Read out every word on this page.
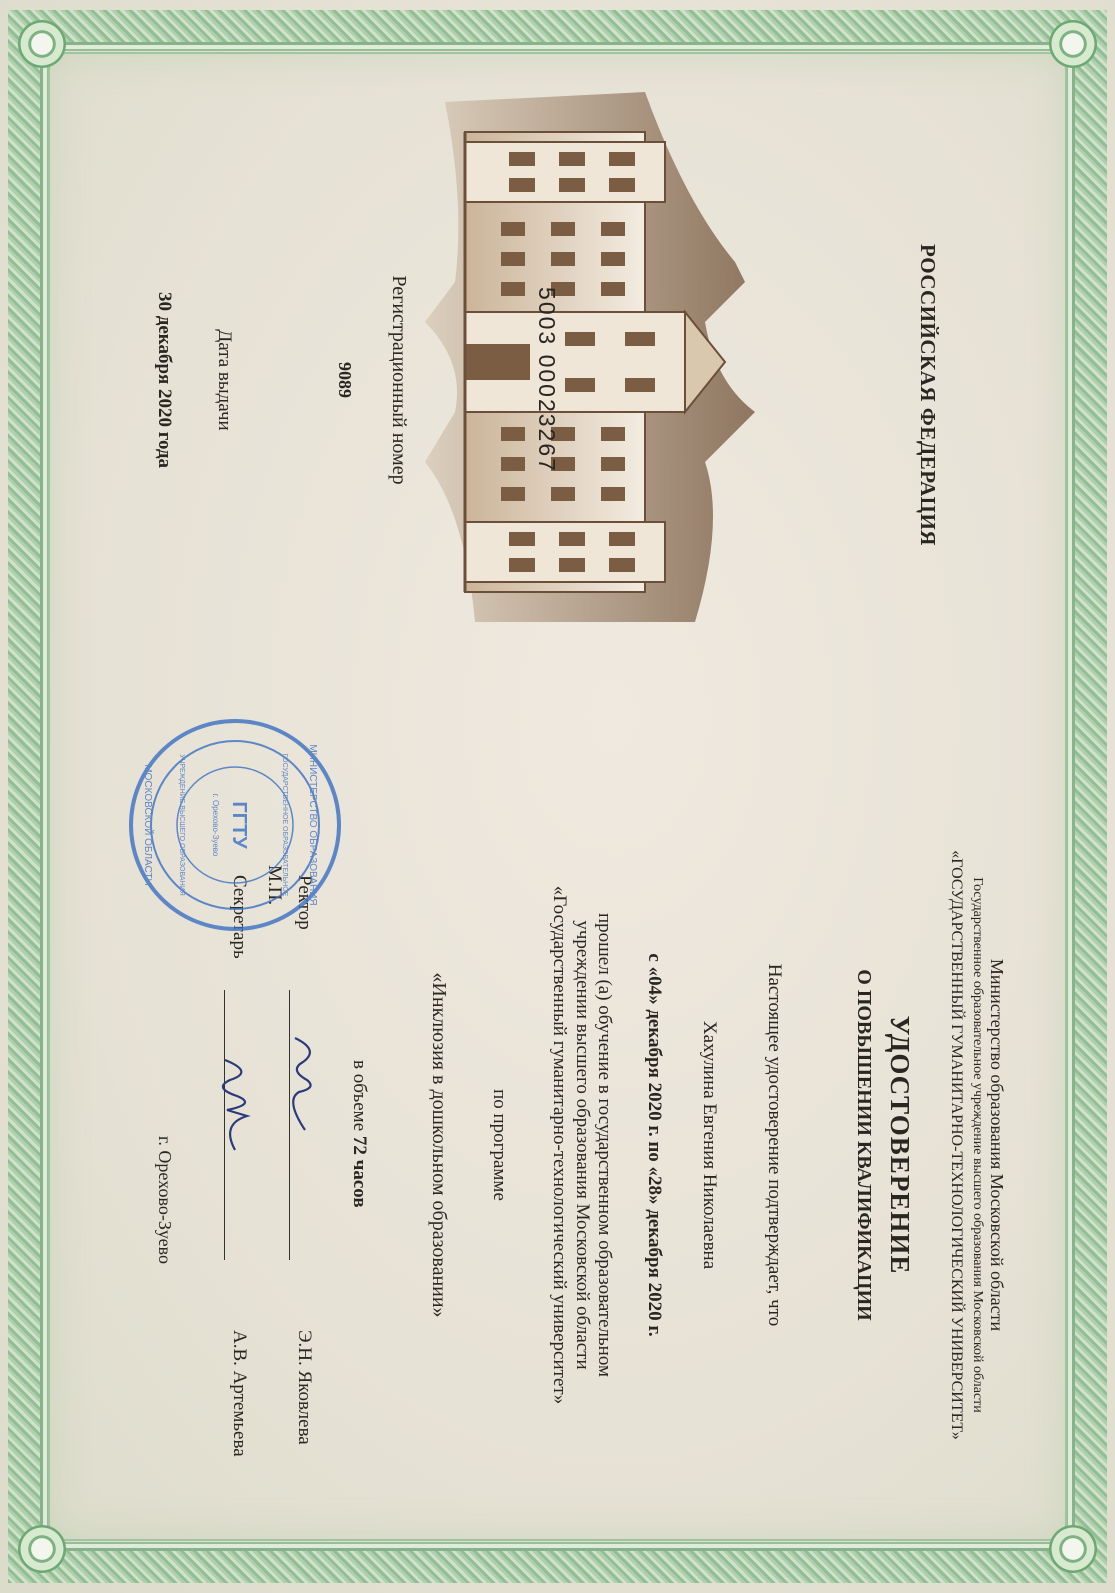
РОССИЙСКАЯ ФЕДЕРАЦИЯ

5003 00023267

Регистрационный номер

9089

Дата выдачи

30 декабря 2020 года

Министерство образования Московской области

Государственное образовательное учреждение высшего образования Московской области

«ГОСУДАРСТВЕННЫЙ ГУМАНИТАРНО-ТЕХНОЛОГИЧЕСКИЙ УНИВЕРСИТЕТ»

УДОСТОВЕРЕНИЕ

О ПОВЫШЕНИИ КВАЛИФИКАЦИИ

Настоящее удостоверение подтверждает, что

Хахулина Евгения Николаевна

с «04» декабря 2020 г. по «28» декабря 2020 г.

прошел (а) обучение в государственном образовательном

учреждении высшего образования Московской области

«Государственный гуманитарно-технологический университет»

по программе

«Инклюзия в дошкольном образовании»

в объеме 72 часов

Ректор

Э.Н. Яковлева

Секретарь

А.В. Артемьева

М.П.

г. Орехово-Зуево

МИНИСТЕРСТВО ОБРАЗОВАНИЯ
МОСКОВСКОЙ ОБЛАСТИ	ГОСУДАРСТВЕННОЕ ОБРАЗОВАТЕЛЬНОЕ
УЧРЕЖДЕНИЕ ВЫСШЕГО ОБРАЗОВАНИЯ ГГТУ
г. Орехово-Зуево
